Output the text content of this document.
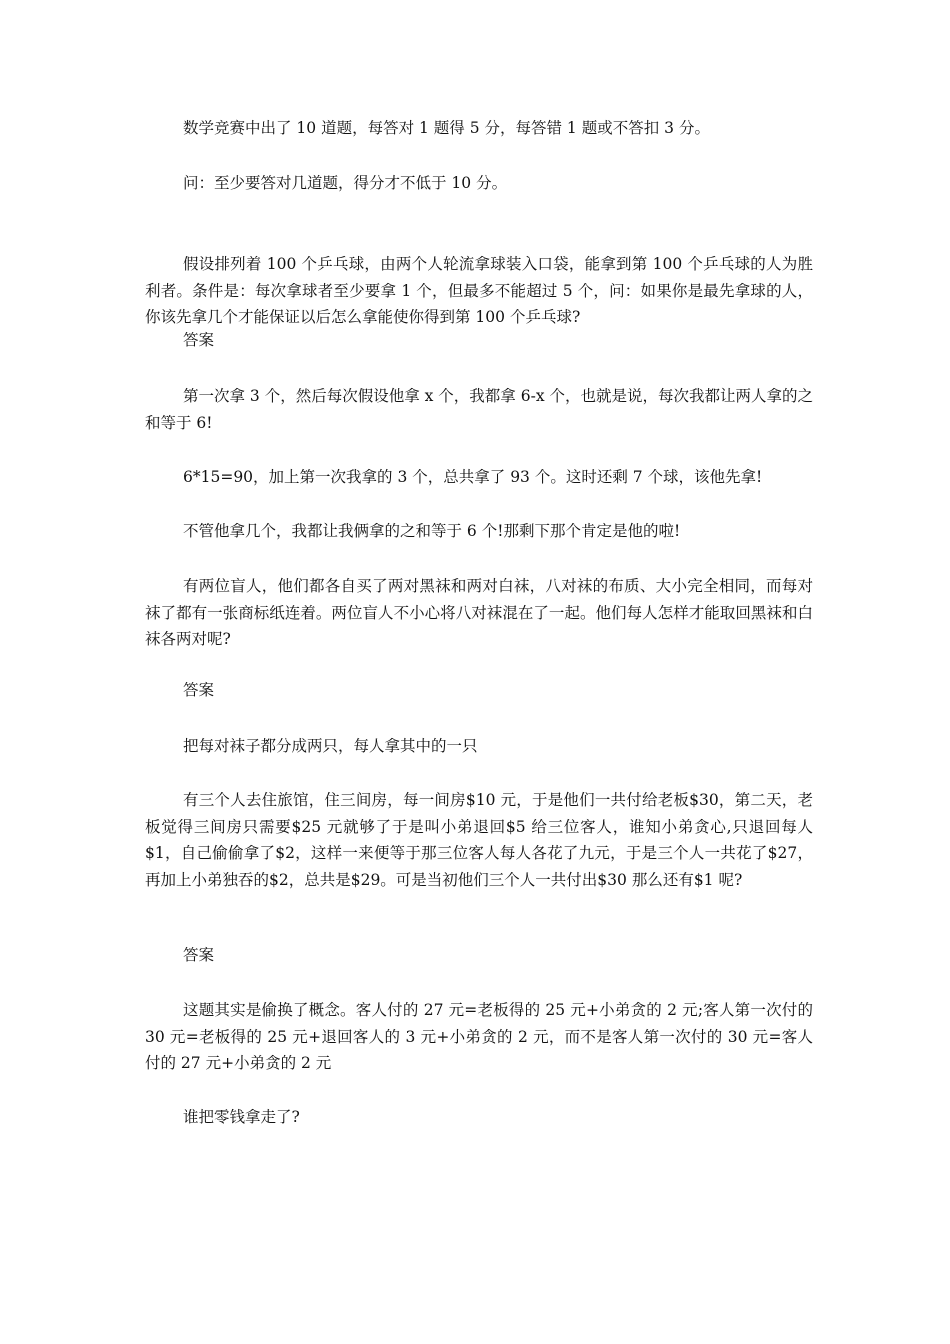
数学竞赛中出了 10 道题，每答对 1 题得 5 分，每答错 1 题或不答扣 3 分。

问：至少要答对几道题，得分才不低于 10 分。

假设排列着 100 个乒乓球，由两个人轮流拿球装入口袋，能拿到第 100 个乒乓球的人为胜利者。条件是：每次拿球者至少要拿 1 个，但最多不能超过 5 个，问：如果你是最先拿球的人，你该先拿几个才能保证以后怎么拿能使你得到第 100 个乒乓球?

答案

第一次拿 3 个，然后每次假设他拿 x 个，我都拿 6-x 个，也就是说，每次我都让两人拿的之和等于 6!

6*15=90，加上第一次我拿的 3 个，总共拿了 93 个。这时还剩 7 个球，该他先拿!

不管他拿几个，我都让我俩拿的之和等于 6 个!那剩下那个肯定是他的啦!

有两位盲人，他们都各自买了两对黑袜和两对白袜，八对袜的布质、大小完全相同，而每对袜了都有一张商标纸连着。两位盲人不小心将八对袜混在了一起。他们每人怎样才能取回黑袜和白袜各两对呢?

答案

把每对袜子都分成两只，每人拿其中的一只

有三个人去住旅馆，住三间房，每一间房$10 元，于是他们一共付给老板$30，第二天，老板觉得三间房只需要$25 元就够了于是叫小弟退回$5 给三位客人，谁知小弟贪心,只退回每人$1，自己偷偷拿了$2，这样一来便等于那三位客人每人各花了九元，于是三个人一共花了$27，再加上小弟独吞的$2，总共是$29。可是当初他们三个人一共付出$30 那么还有$1 呢?

答案

这题其实是偷换了概念。客人付的 27 元=老板得的 25 元+小弟贪的 2 元;客人第一次付的 30 元=老板得的 25 元+退回客人的 3 元+小弟贪的 2 元，而不是客人第一次付的 30 元=客人付的 27 元+小弟贪的 2 元

谁把零钱拿走了?
